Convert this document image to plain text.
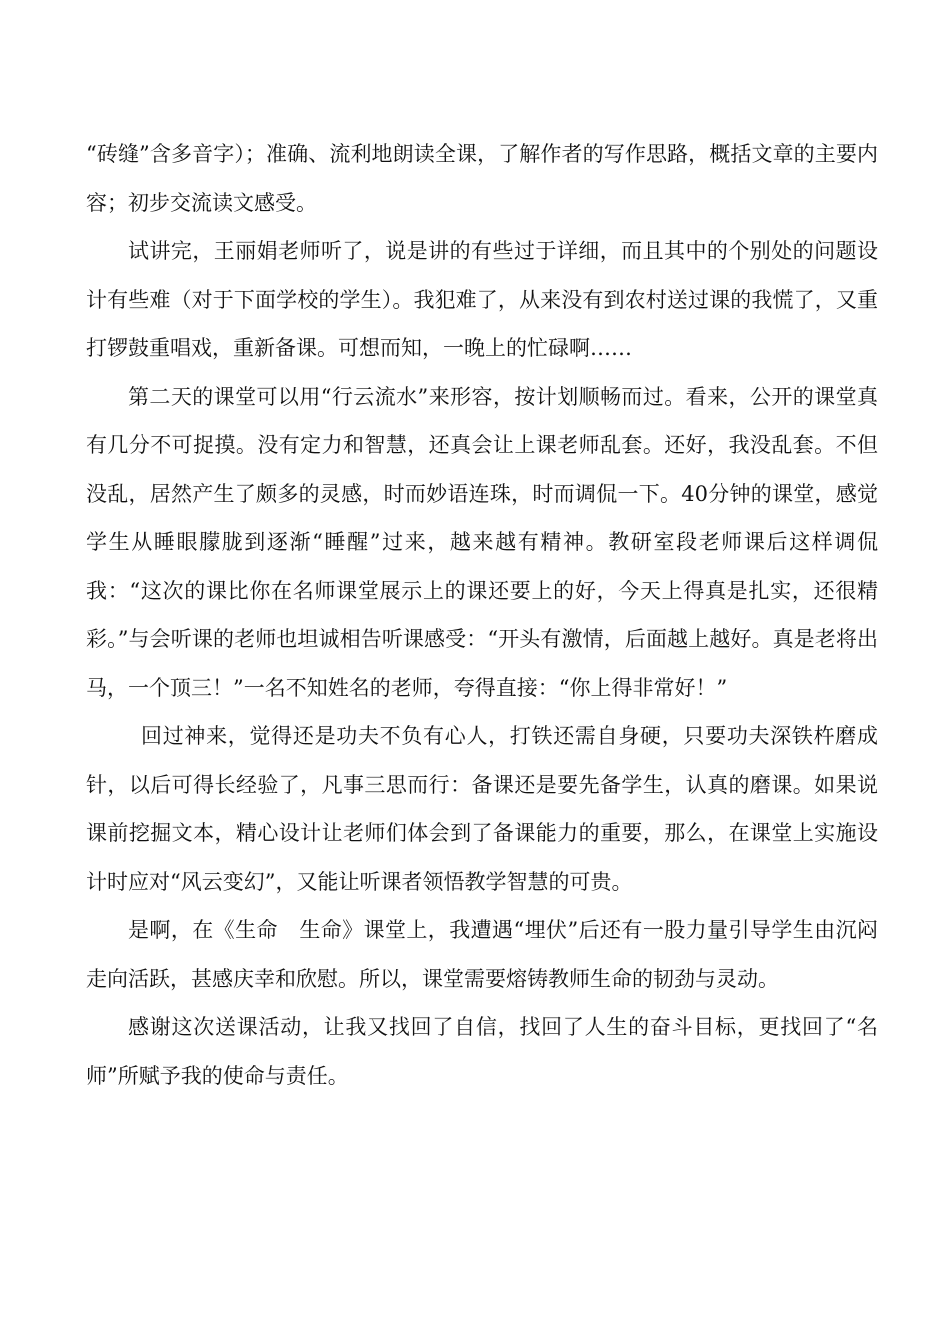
“砖缝”含多音字）；准确、流利地朗读全课，了解作者的写作思路，概括文章的主要内容；初步交流读文感受。

试讲完，王丽娟老师听了，说是讲的有些过于详细，而且其中的个别处的问题设计有些难（对于下面学校的学生）。我犯难了，从来没有到农村送过课的我慌了，又重打锣鼓重唱戏，重新备课。可想而知，一晚上的忙碌啊……

第二天的课堂可以用“行云流水”来形容，按计划顺畅而过。看来，公开的课堂真有几分不可捉摸。没有定力和智慧，还真会让上课老师乱套。还好，我没乱套。不但没乱，居然产生了颇多的灵感，时而妙语连珠，时而调侃一下。40分钟的课堂，感觉学生从睡眼朦胧到逐渐“睡醒”过来，越来越有精神。教研室段老师课后这样调侃我：“这次的课比你在名师课堂展示上的课还要上的好，今天上得真是扎实，还很精彩。”与会听课的老师也坦诚相告听课感受：“开头有激情，后面越上越好。真是老将出马，一个顶三！”一名不知姓名的老师，夸得直接：“你上得非常好！”

回过神来，觉得还是功夫不负有心人，打铁还需自身硬，只要功夫深铁杵磨成针，以后可得长经验了，凡事三思而行：备课还是要先备学生，认真的磨课。如果说课前挖掘文本，精心设计让老师们体会到了备课能力的重要，那么，在课堂上实施设计时应对“风云变幻”，又能让听课者领悟教学智慧的可贵。

是啊，在《生命　生命》课堂上，我遭遇“埋伏”后还有一股力量引导学生由沉闷走向活跃，甚感庆幸和欣慰。所以，课堂需要熔铸教师生命的韧劲与灵动。

感谢这次送课活动，让我又找回了自信，找回了人生的奋斗目标，更找回了“名师”所赋予我的使命与责任。
